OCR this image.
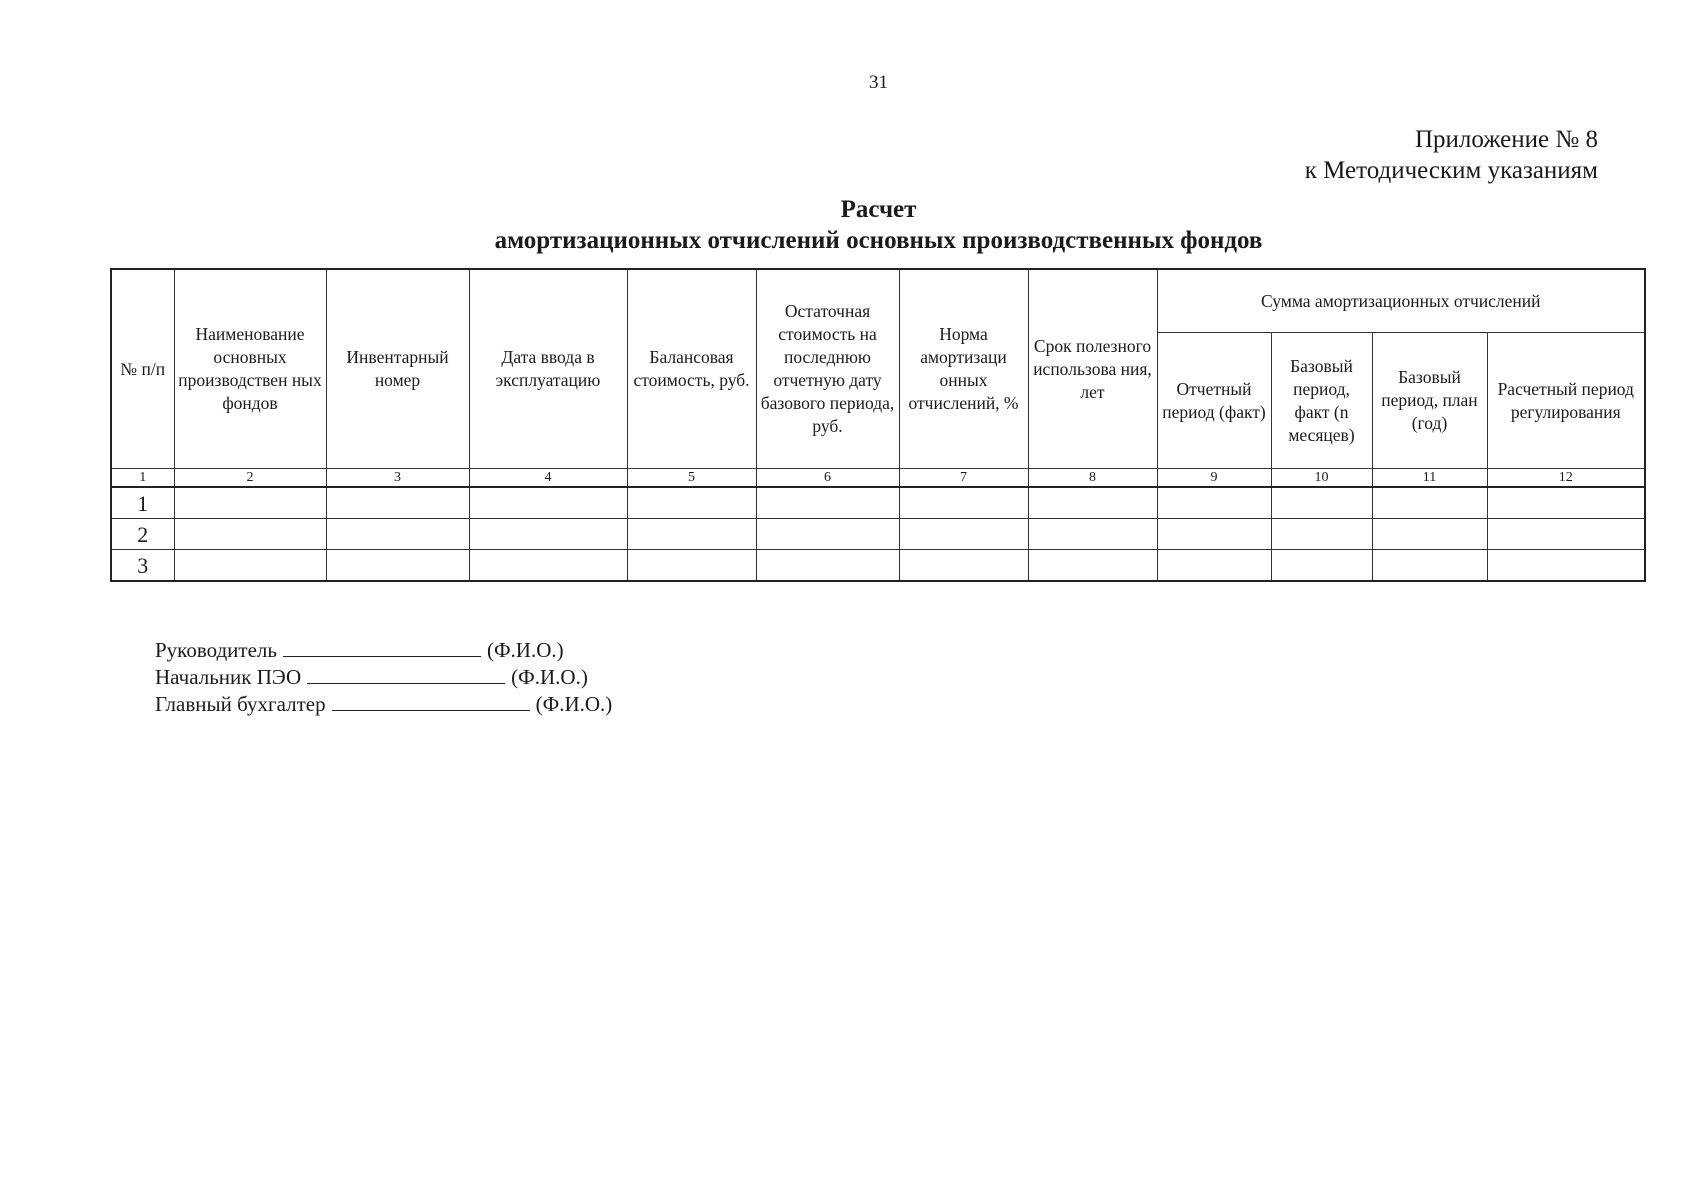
31
Приложение № 8
к Методическим указаниям
Расчет
амортизационных отчислений основных производственных фондов
№ п/п	Наименование основных производствен ных фондов	Инвентарный номер	Дата ввода в эксплуатацию	Балансовая стоимость, руб.	Остаточная стоимость на последнюю отчетную дату базового периода, руб.	Норма амортизаци онных отчислений, %	Срок полезного использова ния, лет	Сумма амортизационных отчислений			
								Отчетный период (факт)	Базовый период, факт (n месяцев)	Базовый период, план (год)	Расчетный период регулирования
1	2	3	4	5	6	7	8	9	10	11	12
1											
2											
3											
Руководитель	(Ф.И.О.)
Начальник ПЭО	(Ф.И.О.)
Главный бухгалтер	(Ф.И.О.)
